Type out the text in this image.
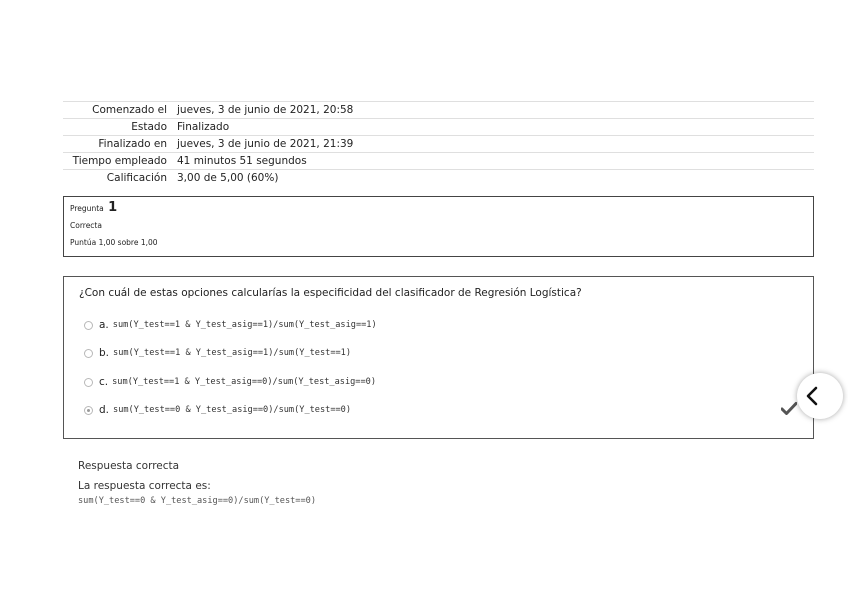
Comenzado el	jueves, 3 de junio de 2021, 20:58
Estado	Finalizado
Finalizado en	jueves, 3 de junio de 2021, 21:39
Tiempo empleado	41 minutos 51 segundos
Calificación	3,00 de 5,00 (60%)
Pregunta 1
Correcta
Puntúa 1,00 sobre 1,00
¿Con cuál de estas opciones calcularías la especificidad del clasificador de Regresión Logística?
a. sum(Y_test==1 & Y_test_asig==1)/sum(Y_test_asig==1)
b. sum(Y_test==1 & Y_test_asig==1)/sum(Y_test==1)
c. sum(Y_test==1 & Y_test_asig==0)/sum(Y_test_asig==0)
d. sum(Y_test==0 & Y_test_asig==0)/sum(Y_test==0)
Respuesta correcta
La respuesta correcta es:
sum(Y_test==0 & Y_test_asig==0)/sum(Y_test==0)
